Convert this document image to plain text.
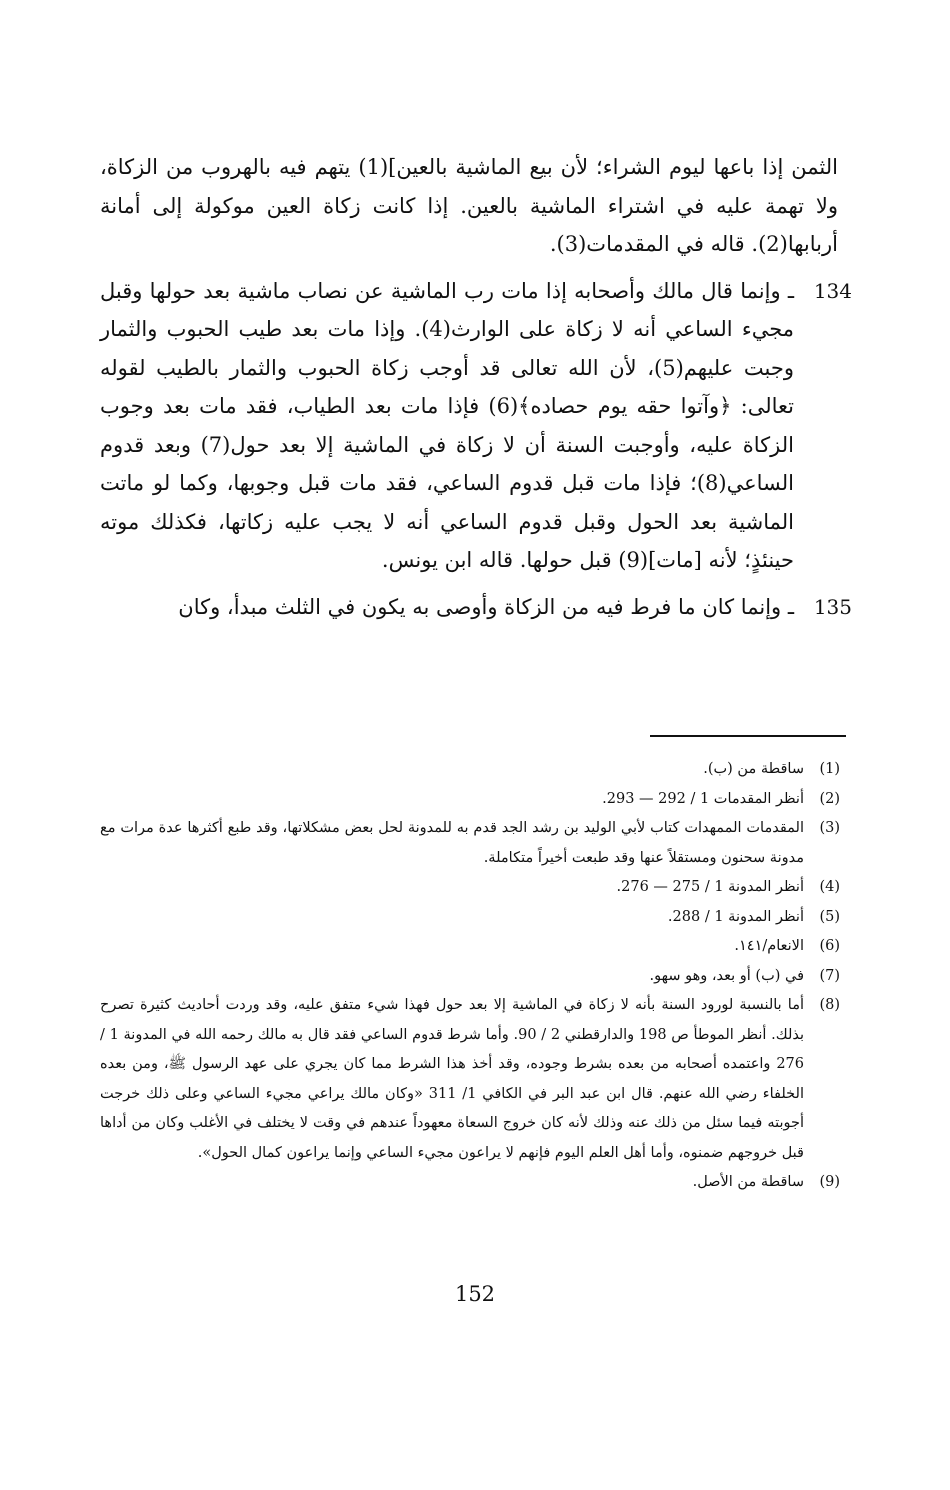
الثمن إذا باعها ليوم الشراء؛ لأن بيع الماشية بالعين](1) يتهم فيه بالهروب من الزكاة، ولا تهمة عليه في اشتراء الماشية بالعين. إذا كانت زكاة العين موكولة إلى أمانة أربابها(2). قاله في المقدمات(3).

134
ـ وإنما قال مالك وأصحابه إذا مات رب الماشية عن نصاب ماشية بعد حولها وقبل مجيء الساعي أنه لا زكاة على الوارث(4). وإذا مات بعد طيب الحبوب والثمار وجبت عليهم(5)، لأن الله تعالى قد أوجب زكاة الحبوب والثمار بالطيب لقوله تعالى: ﴿وآتوا حقه يوم حصاده﴾(6) فإذا مات بعد الطياب، فقد مات بعد وجوب الزكاة عليه، وأوجبت السنة أن لا زكاة في الماشية إلا بعد حول(7) وبعد قدوم الساعي(8)؛ فإذا مات قبل قدوم الساعي، فقد مات قبل وجوبها، وكما لو ماتت الماشية بعد الحول وقبل قدوم الساعي أنه لا يجب عليه زكاتها، فكذلك موته حينئذٍ؛ لأنه [مات](9) قبل حولها. قاله ابن يونس.
135
ـ وإنما كان ما فرط فيه من الزكاة وأوصى به يكون في الثلث مبدأ، وكان
(1)
ساقطة من (ب).
(2)
أنظر المقدمات 1 / 292 — 293.
(3)
المقدمات الممهدات كتاب لأبي الوليد بن رشد الجد قدم به للمدونة لحل بعض مشكلاتها، وقد طبع أكثرها عدة مرات مع مدونة سحنون ومستقلاً عنها وقد طبعت أخيراً متكاملة.
(4)
أنظر المدونة 1 / 275 — 276.
(5)
أنظر المدونة 1 / 288.
(6)
الانعام/١٤١.
(7)
في (ب) أو بعد، وهو سهو.
(8)
أما بالنسبة لورود السنة بأنه لا زكاة في الماشية إلا بعد حول فهذا شيء متفق عليه، وقد وردت أحاديث كثيرة تصرح بذلك. أنظر الموطأ ص 198 والدارقطني 2 / 90. وأما شرط قدوم الساعي فقد قال به مالك رحمه الله في المدونة 1 / 276 واعتمده أصحابه من بعده بشرط وجوده، وقد أخذ هذا الشرط مما كان يجري على عهد الرسول ﷺ، ومن بعده الخلفاء رضي الله عنهم. قال ابن عبد البر في الكافي 1/ 311 «وكان مالك يراعي مجيء الساعي وعلى ذلك خرجت أجوبته فيما سئل من ذلك عنه وذلك لأنه كان خروج السعاة معهوداً عندهم في وقت لا يختلف في الأغلب وكان من أداها قبل خروجهم ضمنوه، وأما أهل العلم اليوم فإنهم لا يراعون مجيء الساعي وإنما يراعون كمال الحول».
(9)
ساقطة من الأصل.
152
